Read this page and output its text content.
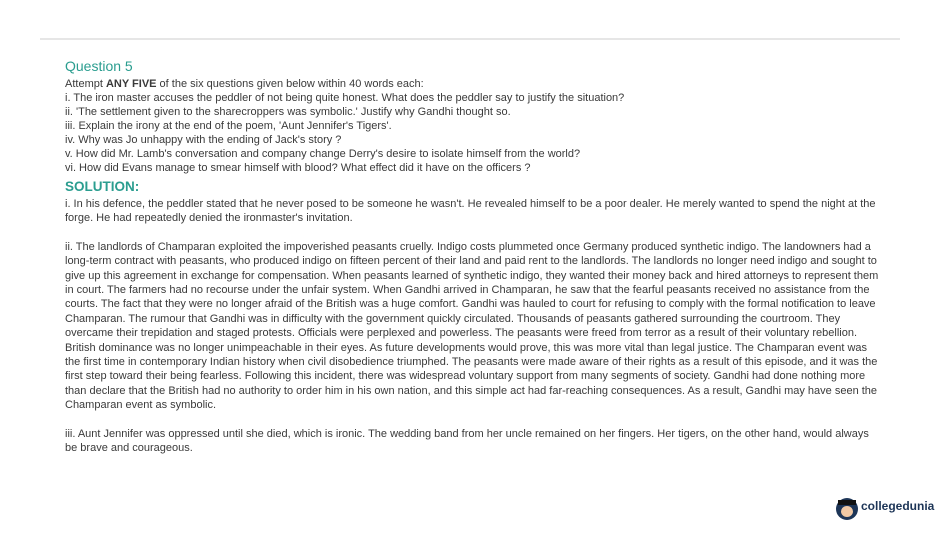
Question 5
Attempt ANY FIVE of the six questions given below within 40 words each:
i. The iron master accuses the peddler of not being quite honest. What does the peddler say to justify the situation?
ii. 'The settlement given to the sharecroppers was symbolic.' Justify why Gandhi thought so.
iii. Explain the irony at the end of the poem, 'Aunt Jennifer's Tigers'.
iv. Why was Jo unhappy with the ending of Jack's story ?
v. How did Mr. Lamb's conversation and company change Derry's desire to isolate himself from the world?
vi. How did Evans manage to smear himself with blood? What effect did it have on the officers ?
SOLUTION:

i. In his defence, the peddler stated that he never posed to be someone he wasn't. He revealed himself to be a poor dealer. He merely wanted to spend the night at the forge. He had repeatedly denied the ironmaster's invitation.

ii. The landlords of Champaran exploited the impoverished peasants cruelly. Indigo costs plummeted once Germany produced synthetic indigo. The landowners had a long-term contract with peasants, who produced indigo on fifteen percent of their land and paid rent to the landlords. The landlords no longer need indigo and sought to give up this agreement in exchange for compensation. When peasants learned of synthetic indigo, they wanted their money back and hired attorneys to represent them in court. The farmers had no recourse under the unfair system. When Gandhi arrived in Champaran, he saw that the fearful peasants received no assistance from the courts. The fact that they were no longer afraid of the British was a huge comfort. Gandhi was hauled to court for refusing to comply with the formal notification to leave Champaran. The rumour that Gandhi was in difficulty with the government quickly circulated. Thousands of peasants gathered surrounding the courtroom. They overcame their trepidation and staged protests. Officials were perplexed and powerless. The peasants were freed from terror as a result of their voluntary rebellion. British dominance was no longer unimpeachable in their eyes. As future developments would prove, this was more vital than legal justice. The Champaran event was the first time in contemporary Indian history when civil disobedience triumphed. The peasants were made aware of their rights as a result of this episode, and it was the first step toward their being fearless. Following this incident, there was widespread voluntary support from many segments of society. Gandhi had done nothing more than declare that the British had no authority to order him in his own nation, and this simple act had far-reaching consequences. As a result, Gandhi may have seen the Champaran event as symbolic.

iii. Aunt Jennifer was oppressed until she died, which is ironic. The wedding band from her uncle remained on her fingers. Her tigers, on the other hand, would always be brave and courageous.

collegedunia
